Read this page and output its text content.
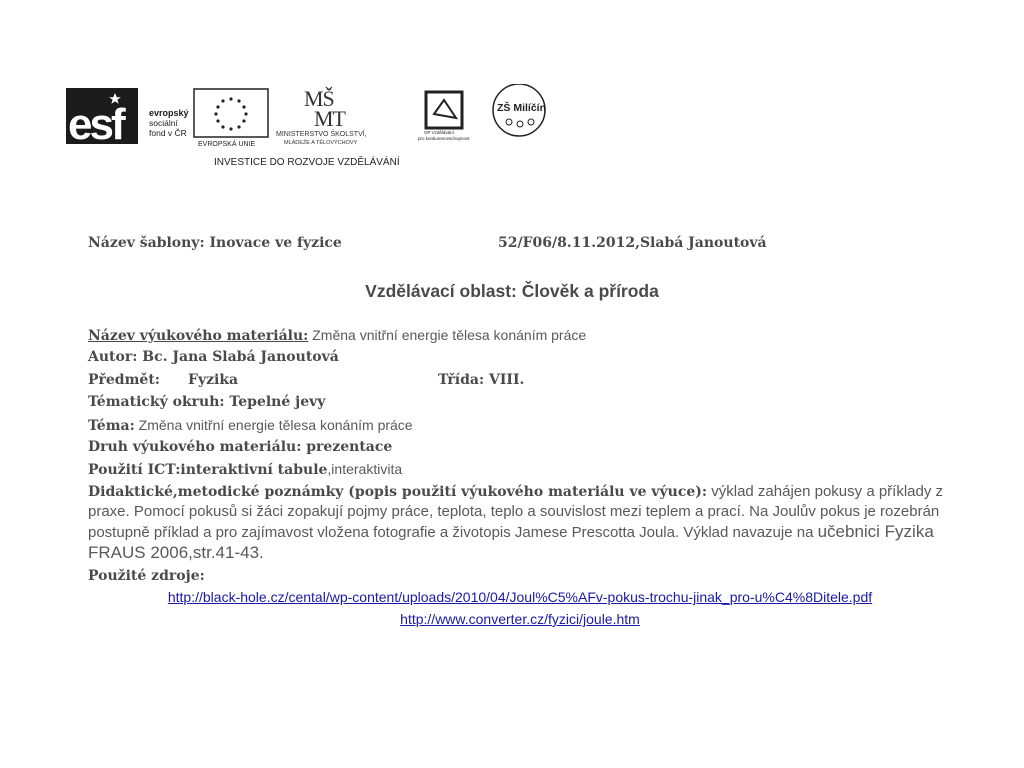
esf	evropský
sociální
fond v ČR
EVROPSKÁ UNIE
MŠ
MT
MINISTERSTVO ŠKOLSTVÍ,
MLÁDEŽE A TĚLOVÝCHOVY
OP Vzdělávání
pro konkurenceschopnost
ZŠ Milíčín
INVESTICE DO ROZVOJE VZDĚLÁVÁNÍ
Název šablony: Inovace ve fyzice	52/F06/8.11.2012,Slabá Janoutová
Vzdělávací oblast: Člověk a příroda
Název výukového materiálu: Změna vnitřní energie tělesa konáním práce
Autor: Bc. Jana Slabá Janoutová
Předmět: Fyzika	Třída: VIII.
Tématický okruh: Tepelné jevy
Téma: Změna vnitřní energie tělesa konáním práce
Druh výukového materiálu: prezentace
Použití ICT:interaktivní tabule,interaktivita
Didaktické,metodické poznámky (popis použití výukového materiálu ve výuce): výklad zahájen pokusy a příklady z praxe. Pomocí pokusů si žáci zopakují pojmy práce, teplota, teplo a souvislost mezi teplem a prací. Na Joulův pokus je rozebrán postupně příklad a pro zajímavost vložena fotografie a životopis Jamese Prescotta Joula. Výklad navazuje na učebnici Fyzika FRAUS 2006,str.41-43.
Použité zdroje:
http://black-hole.cz/cental/wp-content/uploads/2010/04/Joul%C5%AFv-pokus-trochu-jinak_pro-u%C4%8Ditele.pdf
http://www.converter.cz/fyzici/joule.htm
